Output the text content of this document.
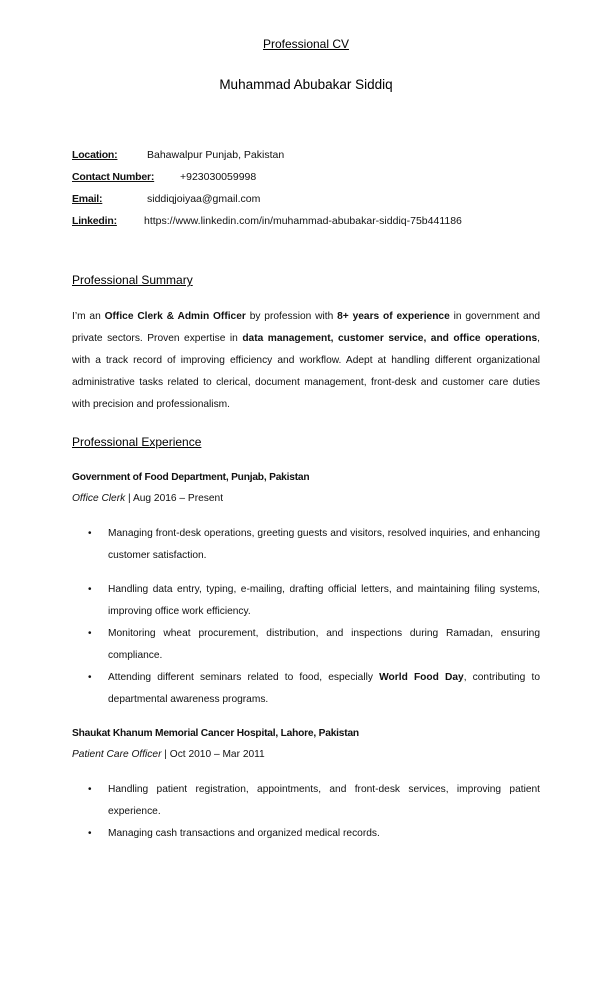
Professional CV
Muhammad Abubakar Siddiq
Location:	Bahawalpur Punjab, Pakistan
Contact Number: +923030059998
Email:	siddiqjoiyaa@gmail.com
Linkedin:	https://www.linkedin.com/in/muhammad-abubakar-siddiq-75b441186
Professional Summary
I’m an Office Clerk & Admin Officer by profession with 8+ years of experience in government and private sectors. Proven expertise in data management, customer service, and office operations, with a track record of improving efficiency and workflow. Adept at handling different organizational administrative tasks related to clerical, document management, front-desk and customer care duties with precision and professionalism.
Professional Experience
Government of Food Department, Punjab, Pakistan
Office Clerk | Aug 2016 – Present
• Managing front-desk operations, greeting guests and visitors, resolved inquiries, and enhancing customer satisfaction.
• Handling data entry, typing, e-mailing, drafting official letters, and maintaining filing systems, improving office work efficiency.
• Monitoring wheat procurement, distribution, and inspections during Ramadan, ensuring compliance.
• Attending different seminars related to food, especially World Food Day, contributing to departmental awareness programs.
Shaukat Khanum Memorial Cancer Hospital, Lahore, Pakistan
Patient Care Officer | Oct 2010 – Mar 2011
• Handling patient registration, appointments, and front-desk services, improving patient experience.
• Managing cash transactions and organized medical records.
